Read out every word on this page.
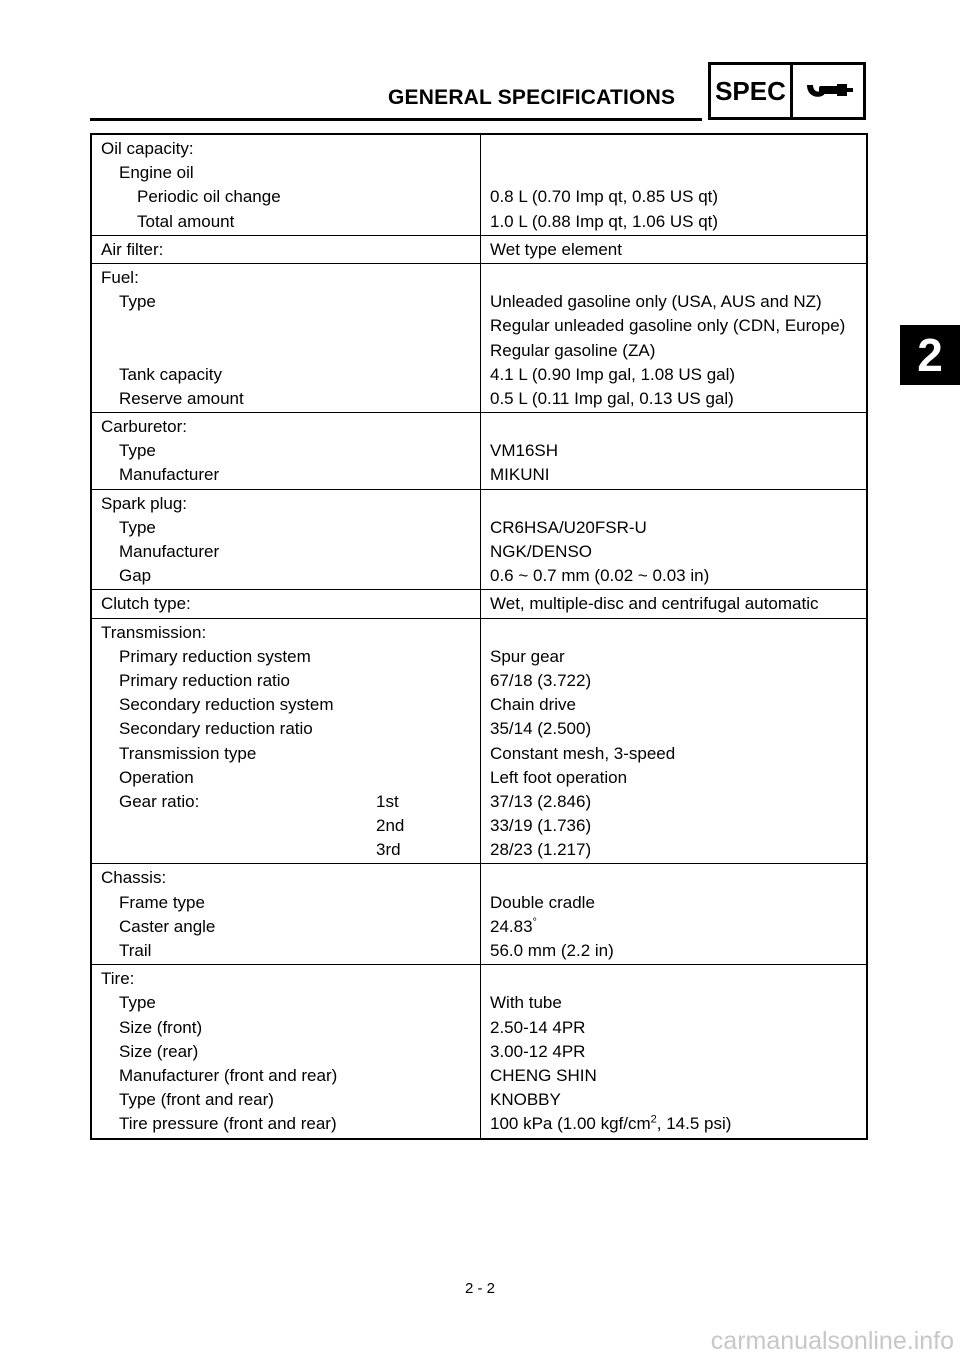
GENERAL SPECIFICATIONS SPEC
2
Oil capacity:
Engine oil
Periodic oil change	0.8 L (0.70 Imp qt, 0.85 US qt)
Total amount	1.0 L (0.88 Imp qt, 1.06 US qt)
Air filter:	Wet type element
Fuel:
Type	Unleaded gasoline only (USA, AUS and NZ)
Regular unleaded gasoline only (CDN, Europe)
Regular gasoline (ZA)
Tank capacity	4.1 L (0.90 Imp gal, 1.08 US gal)
Reserve amount	0.5 L (0.11 Imp gal, 0.13 US gal)
Carburetor:
Type	VM16SH
Manufacturer	MIKUNI
Spark plug:
Type	CR6HSA/U20FSR-U
Manufacturer	NGK/DENSO
Gap	0.6 ~ 0.7 mm (0.02 ~ 0.03 in)
Clutch type:	Wet, multiple-disc and centrifugal automatic
Transmission:
Primary reduction system	Spur gear
Primary reduction ratio	67/18 (3.722)
Secondary reduction system	Chain drive
Secondary reduction ratio	35/14 (2.500)
Transmission type	Constant mesh, 3-speed
Operation	Left foot operation
Gear ratio:	1st	37/13 (2.846)
2nd	33/19 (1.736)
3rd	28/23 (1.217)
Chassis:
Frame type	Double cradle
Caster angle	24.83°
Trail	56.0 mm (2.2 in)
Tire:
Type	With tube
Size (front)	2.50-14 4PR
Size (rear)	3.00-12 4PR
Manufacturer (front and rear)	CHENG SHIN
Type (front and rear)	KNOBBY
Tire pressure (front and rear)	100 kPa (1.00 kgf/$cm^2$, 14.5 psi)
2 - 2
carmanualsonline.info
